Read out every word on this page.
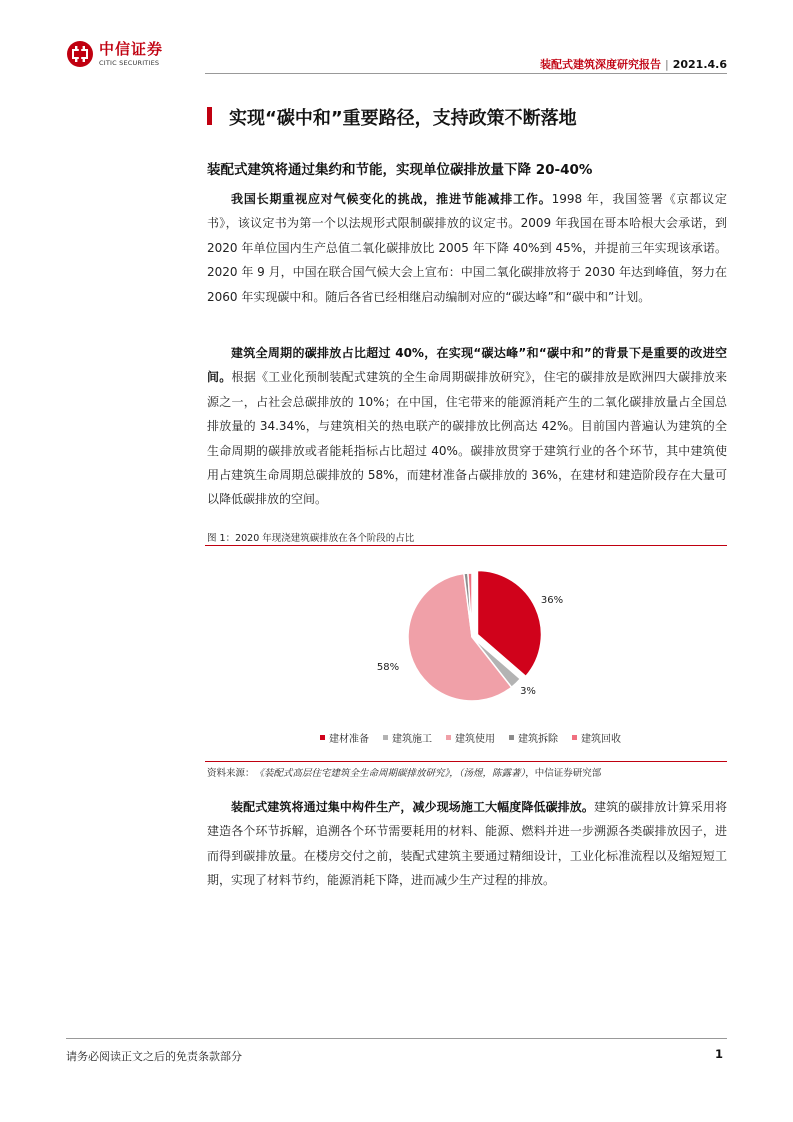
中信证券
CITIC SECURITIES	装配式建筑深度研究报告 | 2021.4.6
实现“碳中和”重要路径，支持政策不断落地
装配式建筑将通过集约和节能，实现单位碳排放量下降 20-40%
我国长期重视应对气候变化的挑战，推进节能减排工作。1998 年，我国签署《京都议定书》，该议定书为第一个以法规形式限制碳排放的议定书。2009 年我国在哥本哈根大会承诺，到 2020 年单位国内生产总值二氧化碳排放比 2005 年下降 40%到 45%，并提前三年实现该承诺。2020 年 9 月，中国在联合国气候大会上宣布：中国二氧化碳排放将于 2030 年达到峰值，努力在 2060 年实现碳中和。随后各省已经相继启动编制对应的“碳达峰”和“碳中和”计划。
建筑全周期的碳排放占比超过 40%，在实现“碳达峰”和“碳中和”的背景下是重要的改进空间。根据《工业化预制装配式建筑的全生命周期碳排放研究》，住宅的碳排放是欧洲四大碳排放来源之一，占社会总碳排放的 10%；在中国，住宅带来的能源消耗产生的二氧化碳排放量占全国总排放量的 34.34%，与建筑相关的热电联产的碳排放比例高达 42%。目前国内普遍认为建筑的全生命周期的碳排放或者能耗指标占比超过 40%。碳排放贯穿于建筑行业的各个环节，其中建筑使用占建筑生命周期总碳排放的 58%，而建材准备占碳排放的 36%，在建材和建造阶段存在大量可以降低碳排放的空间。
图 1：2020 年现浇建筑碳排放在各个阶段的占比
36%
3%
58%
建材准备 建筑施工 建筑使用 建筑拆除 建筑回收
资料来源：《装配式高层住宅建筑全生命周期碳排放研究》，（汤煜，陈露著），中信证券研究部
装配式建筑将通过集中构件生产，减少现场施工大幅度降低碳排放。建筑的碳排放计算采用将建造各个环节拆解，追溯各个环节需要耗用的材料、能源、燃料并进一步溯源各类碳排放因子，进而得到碳排放量。在楼房交付之前，装配式建筑主要通过精细设计，工业化标准流程以及缩短短工期，实现了材料节约，能源消耗下降，进而减少生产过程的排放。
请务必阅读正文之后的免责条款部分	1
